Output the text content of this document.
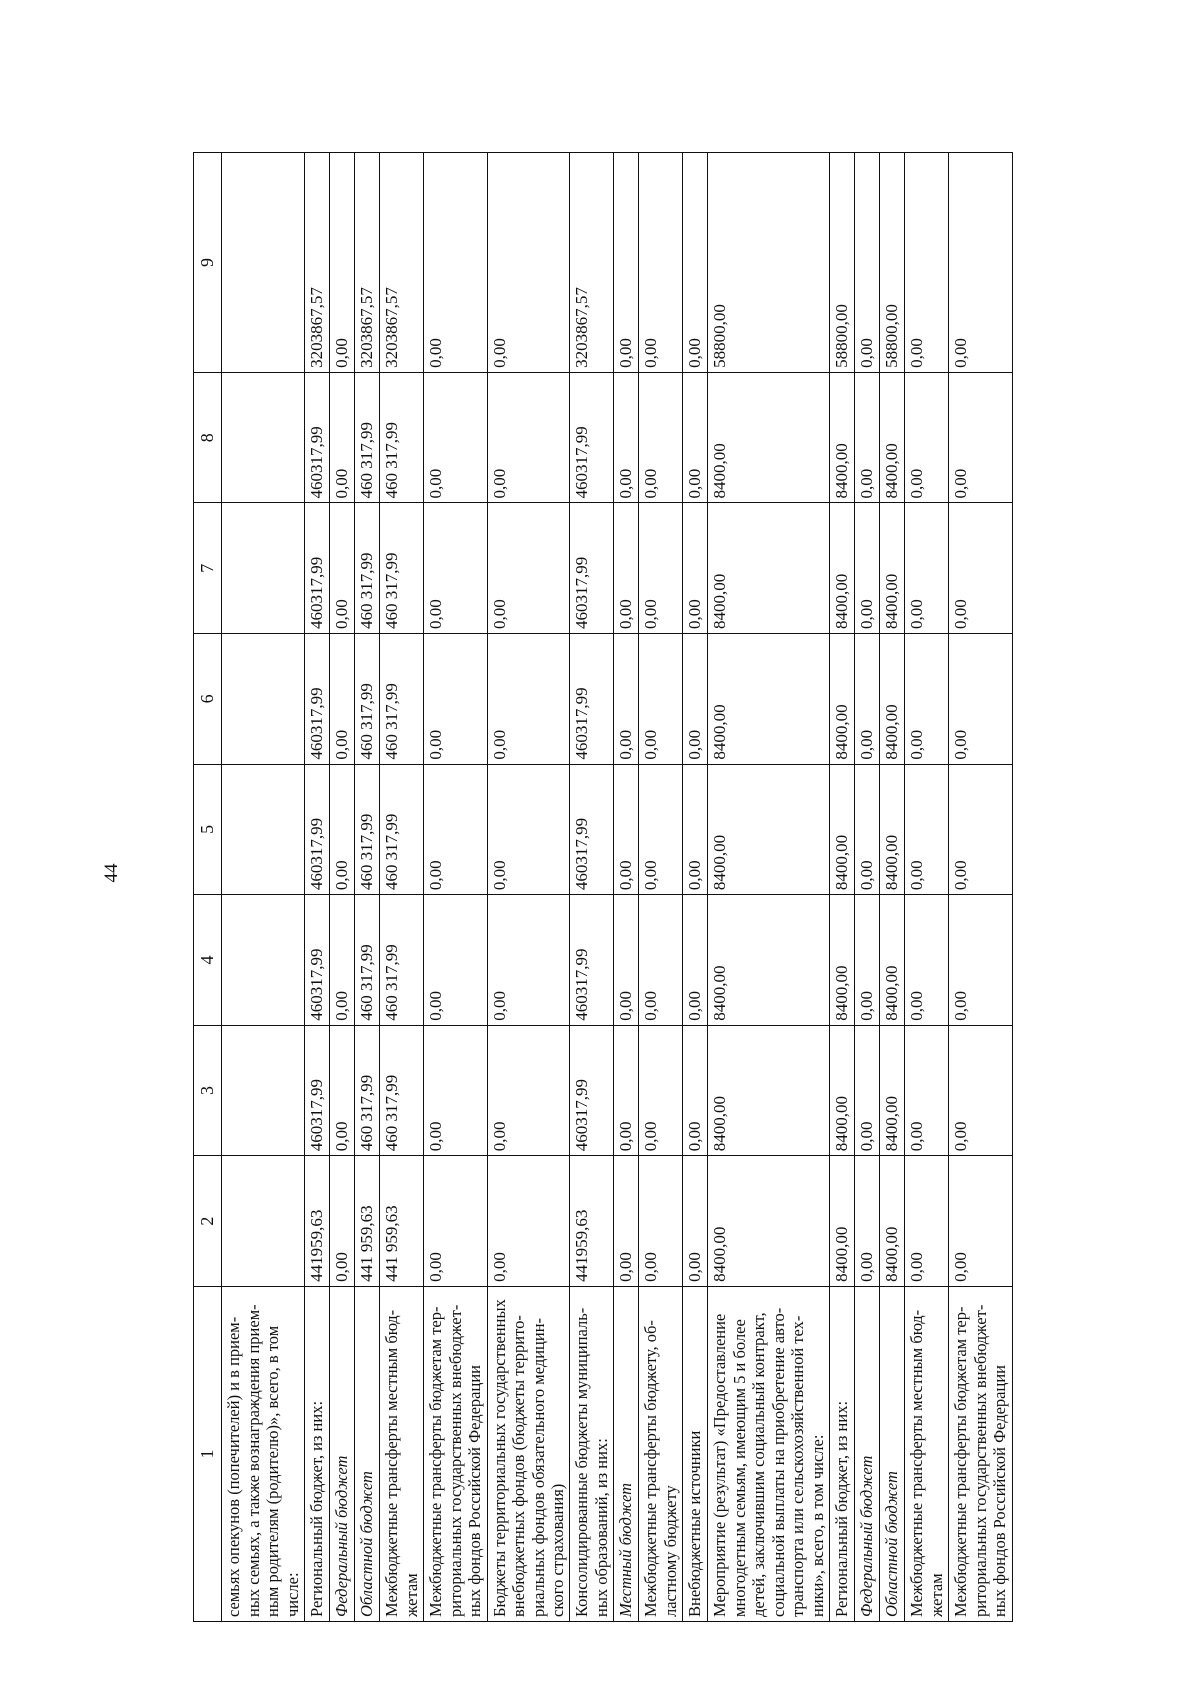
44
1	2	3	4	5	6	7	8	9
семьях опекунов (попечителей) и в прием-ных семьях, а также вознаграждения прием-ным родителям (родителю)», всего, в том числе:								
Региональный бюджет, из них:	441959,63	460317,99	460317,99	460317,99	460317,99	460317,99	460317,99	3203867,57
Федеральный бюджет	0,00	0,00	0,00	0,00	0,00	0,00	0,00	0,00
Областной бюджет	441 959,63	460 317,99	460 317,99	460 317,99	460 317,99	460 317,99	460 317,99	3203867,57
Межбюджетные трансферты местным бюд-жетам	441 959,63	460 317,99	460 317,99	460 317,99	460 317,99	460 317,99	460 317,99	3203867,57
Межбюджетные трансферты бюджетам тер-риториальных государственных внебюджет-ных фондов Российской Федерации	0,00	0,00	0,00	0,00	0,00	0,00	0,00	0,00
Бюджеты территориальных государственных внебюджетных фондов (бюджеты террито-риальных фондов обязательного медицин-ского страхования)	0,00	0,00	0,00	0,00	0,00	0,00	0,00	0,00
Консолидированные бюджеты муниципаль-ных образований, из них:	441959,63	460317,99	460317,99	460317,99	460317,99	460317,99	460317,99	3203867,57
Местный бюджет	0,00	0,00	0,00	0,00	0,00	0,00	0,00	0,00
Межбюджетные трансферты бюджету, об-ластному бюджету	0,00	0,00	0,00	0,00	0,00	0,00	0,00	0,00
Внебюджетные источники	0,00	0,00	0,00	0,00	0,00	0,00	0,00	0,00
Мероприятие (результат) «Предоставление многодетным семьям, имеющим 5 и более детей, заключившим социальный контракт, социальной выплаты на приобретение авто-транспорта или сельскохозяйственной тех-ники», всего, в том числе:	8400,00	8400,00	8400,00	8400,00	8400,00	8400,00	8400,00	58800,00
Региональный бюджет, из них:	8400,00	8400,00	8400,00	8400,00	8400,00	8400,00	8400,00	58800,00
Федеральный бюджет	0,00	0,00	0,00	0,00	0,00	0,00	0,00	0,00
Областной бюджет	8400,00	8400,00	8400,00	8400,00	8400,00	8400,00	8400,00	58800,00
Межбюджетные трансферты местным бюд-жетам	0,00	0,00	0,00	0,00	0,00	0,00	0,00	0,00
Межбюджетные трансферты бюджетам тер-риториальных государственных внебюджет-ных фондов Российской Федерации	0,00	0,00	0,00	0,00	0,00	0,00	0,00	0,00
